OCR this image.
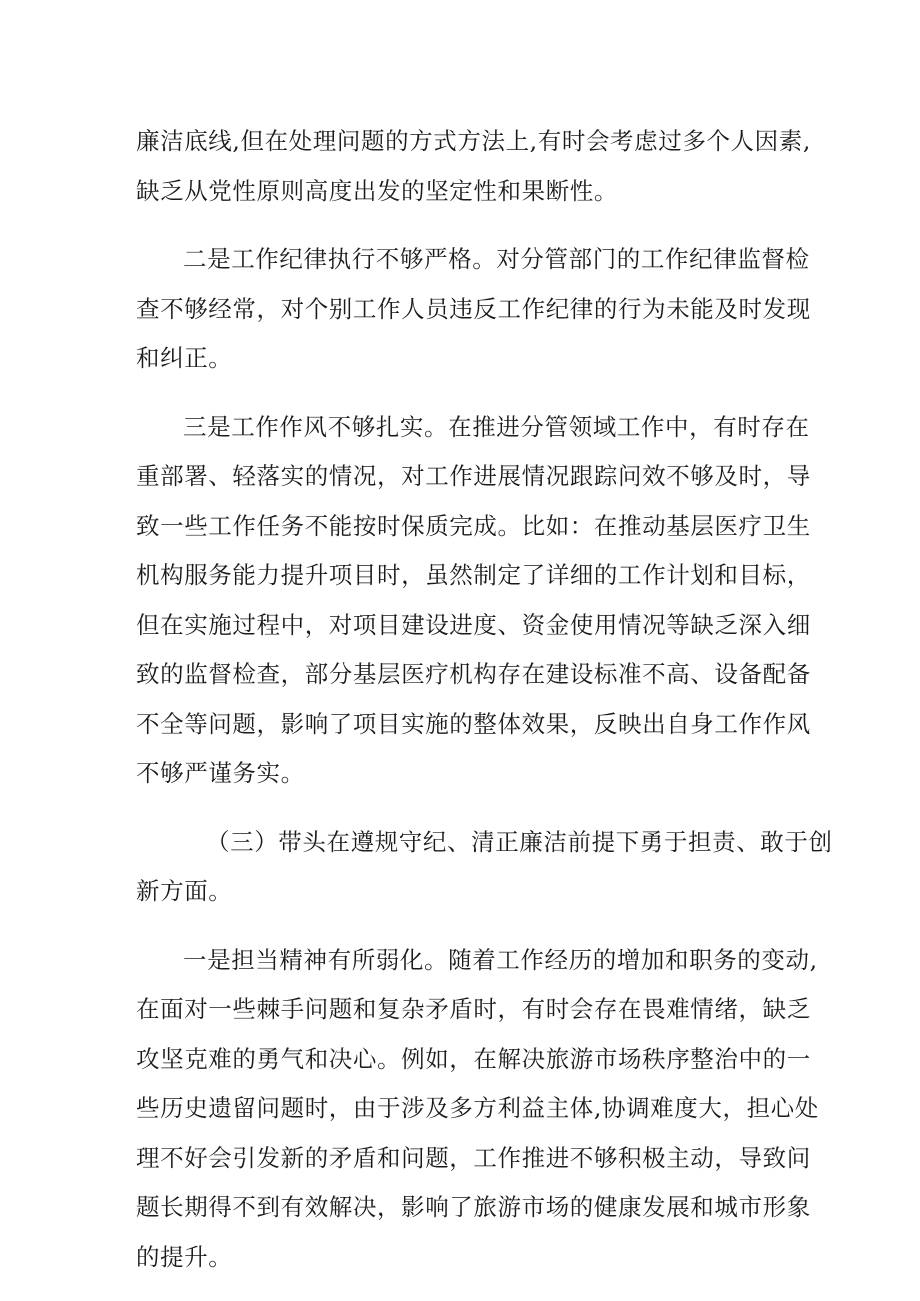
廉洁底线,但在处理问题的方式方法上,有时会考虑过多个人因素,
缺乏从党性原则高度出发的坚定性和果断性。

二是工作纪律执行不够严格。对分管部门的工作纪律监督检
查不够经常，对个别工作人员违反工作纪律的行为未能及时发现
和纠正。

三是工作作风不够扎实。在推进分管领域工作中，有时存在
重部署、轻落实的情况，对工作进展情况跟踪问效不够及时，导
致一些工作任务不能按时保质完成。比如：在推动基层医疗卫生
机构服务能力提升项目时，虽然制定了详细的工作计划和目标，
但在实施过程中，对项目建设进度、资金使用情况等缺乏深入细
致的监督检查，部分基层医疗机构存在建设标准不高、设备配备
不全等问题，影响了项目实施的整体效果，反映出自身工作作风
不够严谨务实。

（三）带头在遵规守纪、清正廉洁前提下勇于担责、敢于创
新方面。

一是担当精神有所弱化。随着工作经历的增加和职务的变动,
在面对一些棘手问题和复杂矛盾时，有时会存在畏难情绪，缺乏
攻坚克难的勇气和决心。例如，在解决旅游市场秩序整治中的一
些历史遗留问题时，由于涉及多方利益主体,协调难度大，担心处
理不好会引发新的矛盾和问题，工作推进不够积极主动，导致问
题长期得不到有效解决，影响了旅游市场的健康发展和城市形象
的提升。
